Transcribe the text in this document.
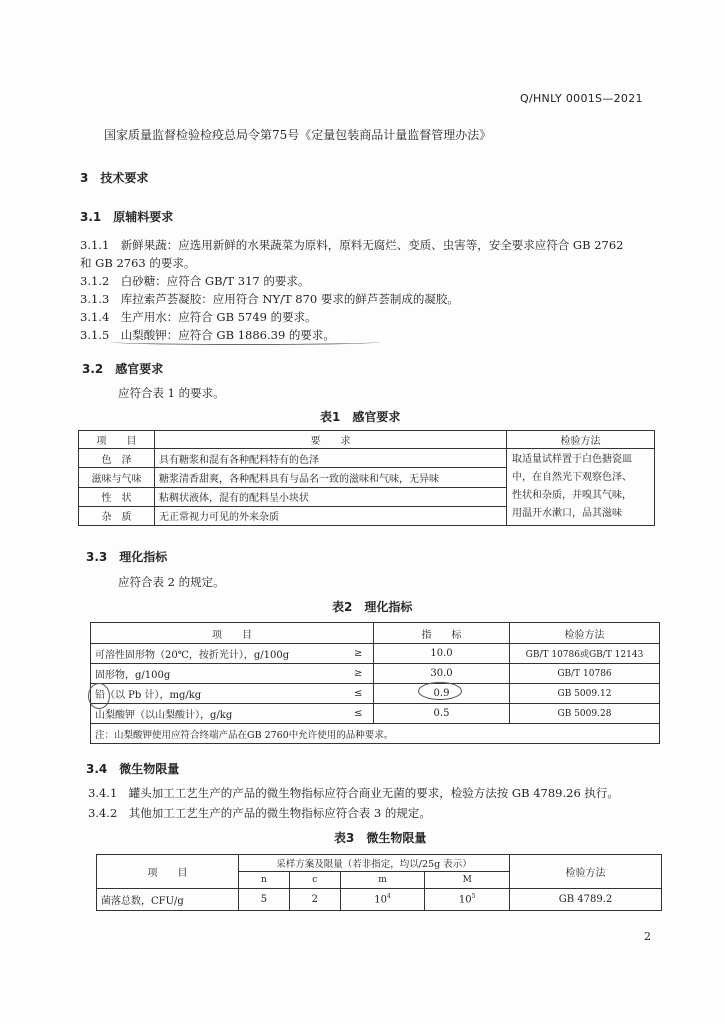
Q/HNLY 0001S—2021
国家质量监督检验检疫总局令第75号《定量包装商品计量监督管理办法》
3　技术要求
3.1　原辅料要求
3.1.1　新鲜果蔬：应选用新鲜的水果蔬菜为原料，原料无腐烂、变质、虫害等，安全要求应符合 GB 2762
和 GB 2763 的要求。
3.1.2　白砂糖：应符合 GB/T 317 的要求。
3.1.3　库拉索芦荟凝胶：应用符合 NY/T 870 要求的鲜芦荟制成的凝胶。
3.1.4　生产用水：应符合 GB 5749 的要求。
3.1.5　山梨酸钾：应符合 GB 1886.39 的要求。
3.2　感官要求
应符合表 1 的要求。
表1　感官要求
项　　目	要　　求	检验方法
色　泽	具有糖浆和混有各种配料特有的色泽	取适量试样置于白色搪瓷皿
中，在自然光下观察色泽、
性状和杂质，并嗅其气味，
用温开水漱口，品其滋味

滋味与气味	糖浆清香甜爽，各种配料具有与品名一致的滋味和气味，无异味	
性　状	粘稠状液体，混有的配料呈小块状	
杂　质	无正常视力可见的外来杂质	
3.3　理化指标
应符合表 2 的规定。
表2　理化指标
项　　目		指　　标	检验方法
可溶性固形物（20℃，按折光计），g/100g	≥	10.0	GB/T 10786或GB/T 12143
固形物，g/100g	≥	30.0	GB/T 10786
铅（以 Pb 计），mg/kg	≤	0.9	GB 5009.12
山梨酸钾（以山梨酸计），g/kg	≤	0.5	GB 5009.28
注：山梨酸钾使用应符合终端产品在GB 2760中允许使用的品种要求。			
3.4　微生物限量
3.4.1　罐头加工工艺生产的产品的微生物指标应符合商业无菌的要求，检验方法按 GB 4789.26 执行。
3.4.2　其他加工工艺生产的产品的微生物指标应符合表 3 的规定。
表3　微生物限量
项　　目	采样方案及限量（若非指定，均以/25g 表示）				检验方法
	n	c	m	M	
菌落总数，CFU/g	5	2	$10^4$	$10^5$	GB 4789.2
2
